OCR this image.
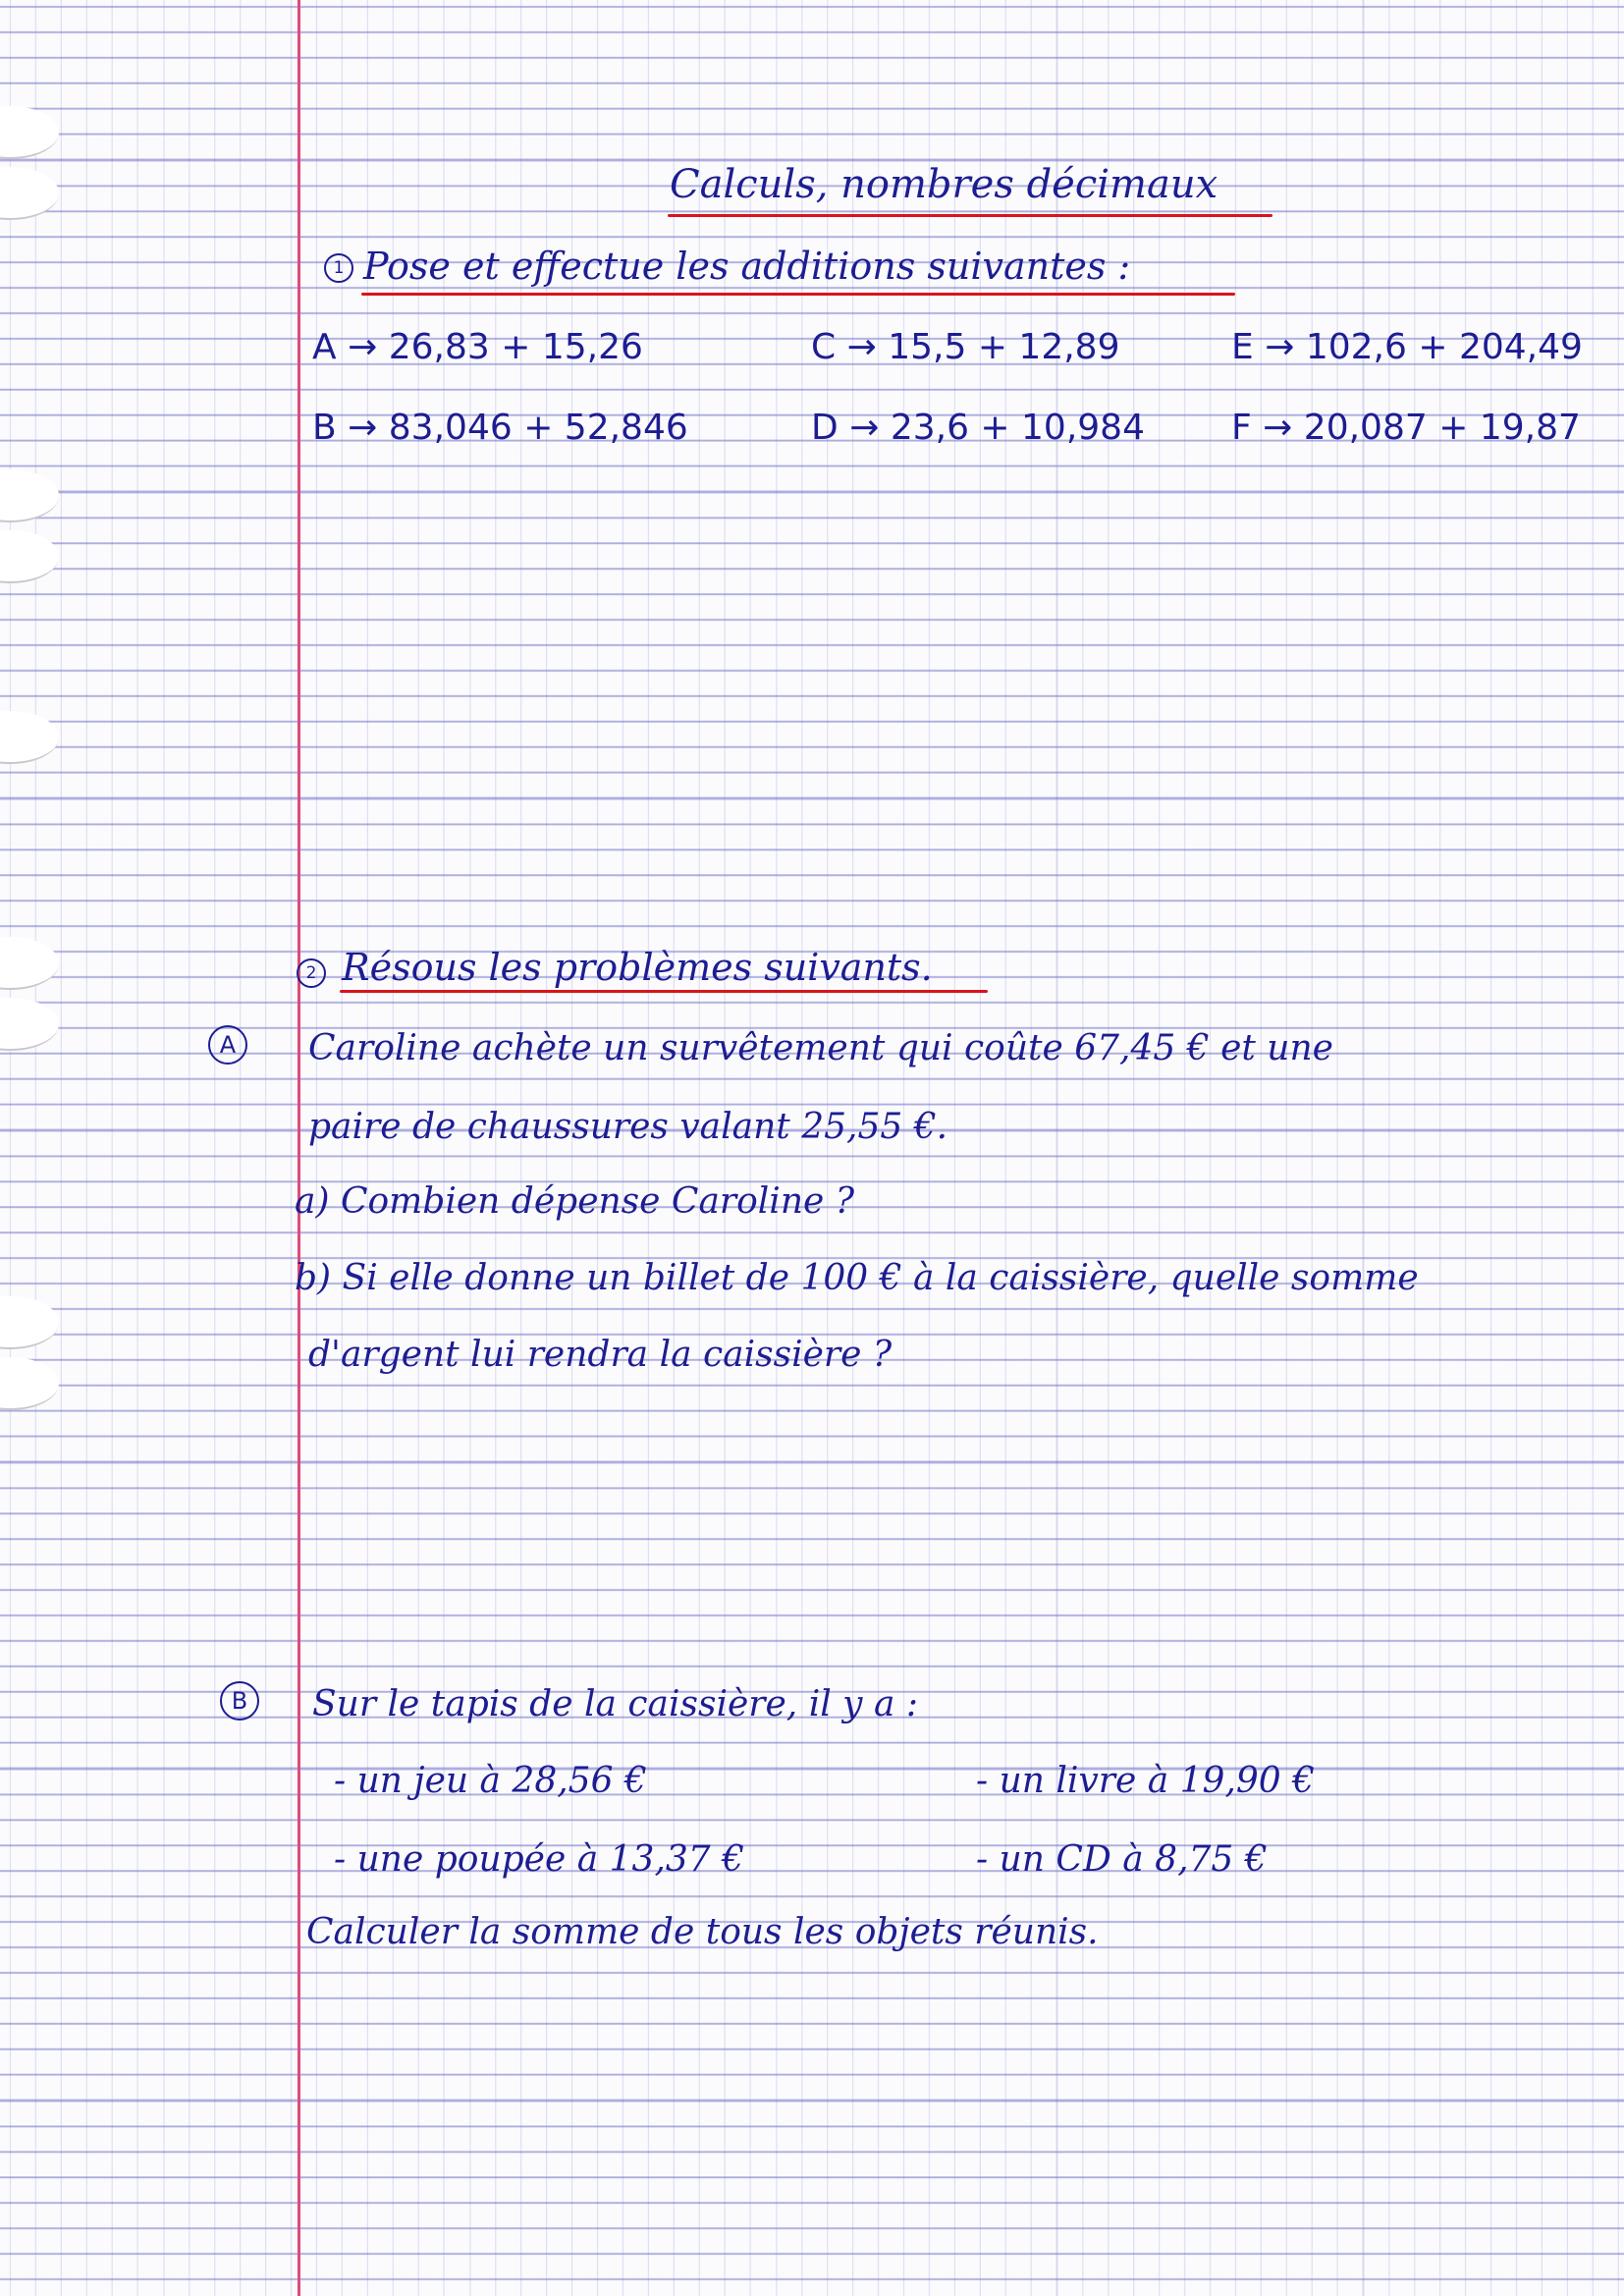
Calculs, nombres décimaux
1 Pose et effectue les additions suivantes :
A → 26,83 + 15,26	C → 15,5 + 12,89	E → 102,6 + 204,49
B → 83,046 + 52,846	D → 23,6 + 10,984 F → 20,087 + 19,87
2 Résous les problèmes suivants.
A	Caroline achète un survêtement qui coûte 67,45 € et une
paire de chaussures valant 25,55 €.
a) Combien dépense Caroline ?
b) Si elle donne un billet de 100 € à la caissière, quelle somme
d'argent lui rendra la caissière ?
B	Sur le tapis de la caissière, il y a :
- un jeu à 28,56 €	- un livre à 19,90 €
- une poupée à 13,37 €	- un CD à 8,75 €
Calculer la somme de tous les objets réunis.
